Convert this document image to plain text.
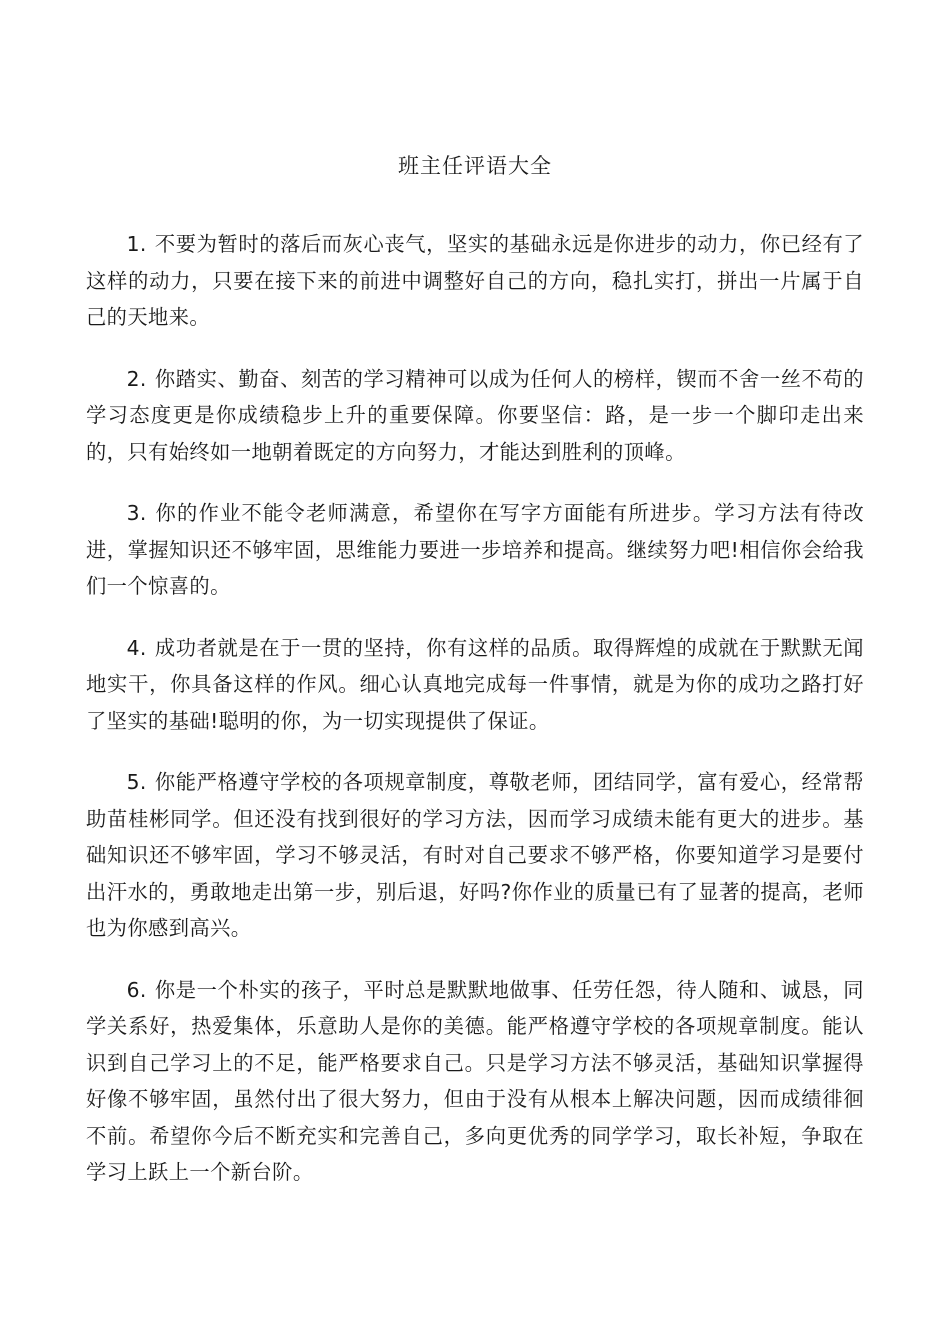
班主任评语大全

1. 不要为暂时的落后而灰心丧气，坚实的基础永远是你进步的动力，你已经有了这样的动力，只要在接下来的前进中调整好自己的方向，稳扎实打，拼出一片属于自己的天地来。

2. 你踏实、勤奋、刻苦的学习精神可以成为任何人的榜样，锲而不舍一丝不苟的学习态度更是你成绩稳步上升的重要保障。你要坚信：路，是一步一个脚印走出来的，只有始终如一地朝着既定的方向努力，才能达到胜利的顶峰。

3. 你的作业不能令老师满意，希望你在写字方面能有所进步。学习方法有待改进，掌握知识还不够牢固，思维能力要进一步培养和提高。继续努力吧!相信你会给我们一个惊喜的。

4. 成功者就是在于一贯的坚持，你有这样的品质。取得辉煌的成就在于默默无闻地实干，你具备这样的作风。细心认真地完成每一件事情，就是为你的成功之路打好了坚实的基础!聪明的你，为一切实现提供了保证。

5. 你能严格遵守学校的各项规章制度，尊敬老师，团结同学，富有爱心，经常帮助苗桂彬同学。但还没有找到很好的学习方法，因而学习成绩未能有更大的进步。基础知识还不够牢固，学习不够灵活，有时对自己要求不够严格，你要知道学习是要付出汗水的，勇敢地走出第一步，别后退，好吗?你作业的质量已有了显著的提高，老师也为你感到高兴。

6. 你是一个朴实的孩子，平时总是默默地做事、任劳任怨，待人随和、诚恳，同学关系好，热爱集体，乐意助人是你的美德。能严格遵守学校的各项规章制度。能认识到自己学习上的不足，能严格要求自己。只是学习方法不够灵活，基础知识掌握得好像不够牢固，虽然付出了很大努力，但由于没有从根本上解决问题，因而成绩徘徊不前。希望你今后不断充实和完善自己，多向更优秀的同学学习，取长补短，争取在学习上跃上一个新台阶。
